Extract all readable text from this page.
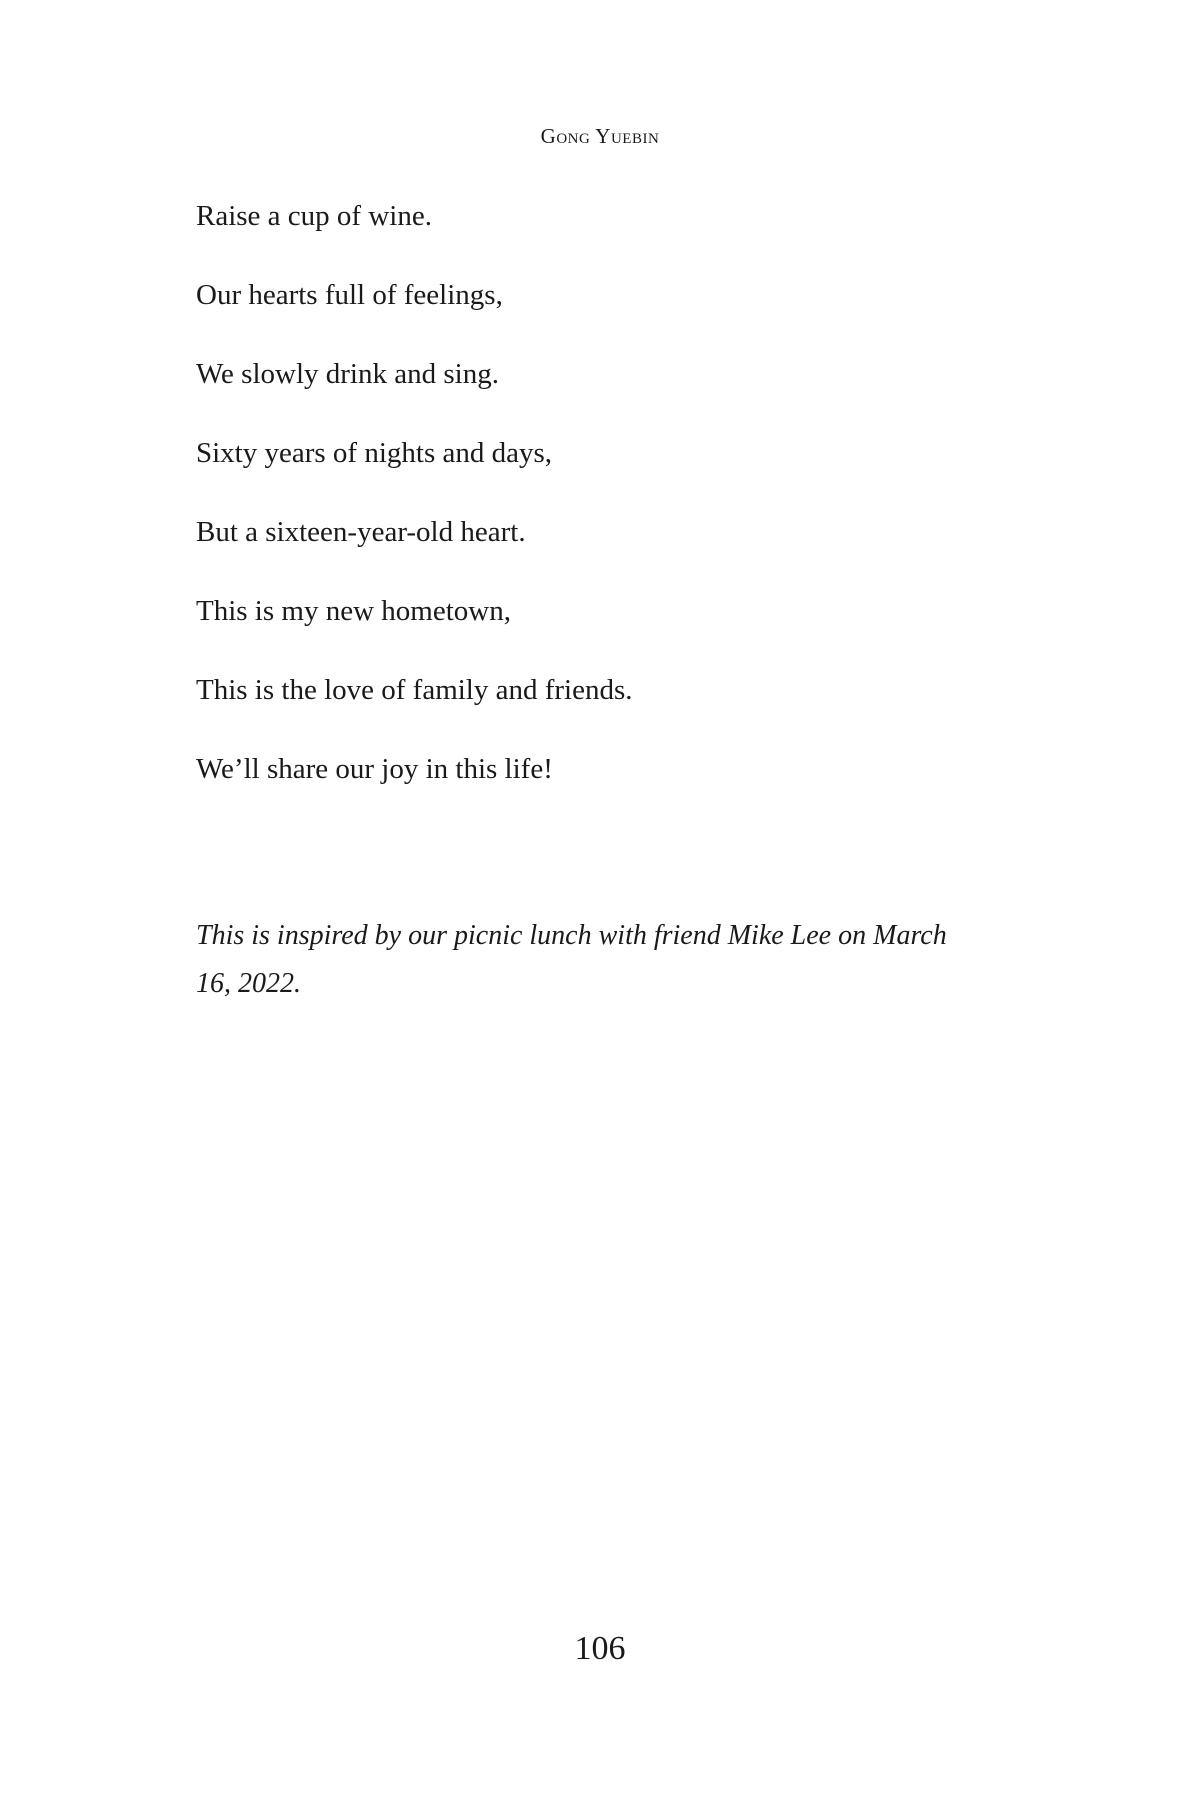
Gong Yuebin
Raise a cup of wine.
Our hearts full of feelings,
We slowly drink and sing.
Sixty years of nights and days,
But a sixteen-year-old heart.
This is my new hometown,
This is the love of family and friends.
We’ll share our joy in this life!
This is inspired by our picnic lunch with friend Mike Lee on March
16, 2022.
106
